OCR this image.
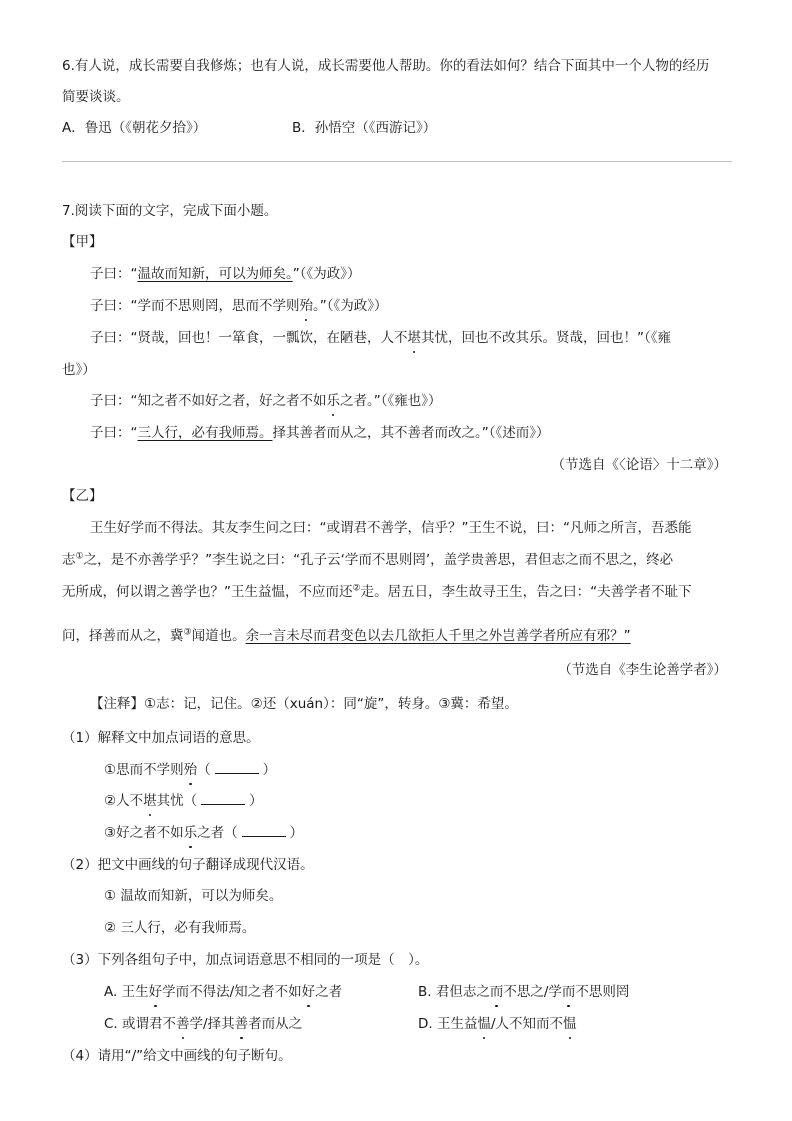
6.有人说，成长需要自我修炼；也有人说，成长需要他人帮助。你的看法如何？结合下面其中一个人物的经历
简要谈谈。
A．鲁迅（《朝花夕拾》）	B．孙悟空（《西游记》）
7.阅读下面的文字，完成下面小题。
【甲】
子曰：“温故而知新，可以为师矣。”（《为政》）
子曰：“学而不思则罔，思而不学则殆。”（《为政》）
子曰：“贤哉，回也！一箪食，一瓢饮，在陋巷，人不堪其忧，回也不改其乐。贤哉，回也！”（《雍
也》）
子曰：“知之者不如好之者，好之者不如乐之者。”（《雍也》）
子曰：“三人行，必有我师焉。择其善者而从之，其不善者而改之。”（《述而》）
（节选自《〈论语〉十二章》）
【乙】
王生好学而不得法。其友李生问之曰：“或谓君不善学，信乎？”王生不说，曰：“凡师之所言，吾悉能
志①之，是不亦善学乎？”李生说之曰：“孔子云‘学而不思则罔’，盖学贵善思，君但志之而不思之，终必
无所成，何以谓之善学也？”王生益愠，不应而还②走。居五日，李生故寻王生，告之曰：“夫善学者不耻下
问，择善而从之，冀③闻道也。余一言未尽而君变色以去几欲拒人千里之外岂善学者所应有邪？”
（节选自《李生论善学者》）
【注释】①志：记，记住。②还（xuán）：同“旋”，转身。③冀：希望。
（1）解释文中加点词语的意思。
①思而不学则殆（	）
②人不堪其忧（	）
③好之者不如乐之者（	）
（2）把文中画线的句子翻译成现代汉语。
① 温故而知新，可以为师矣。
② 三人行，必有我师焉。
（3）下列各组句子中，加点词语意思不相同的一项是（　）。
A. 王生好学而不得法/知之者不如好之者	B. 君但志之而不思之/学而不思则罔
C. 或谓君不善学/择其善者而从之	D. 王生益愠/人不知而不愠
（4）请用“/”给文中画线的句子断句。
